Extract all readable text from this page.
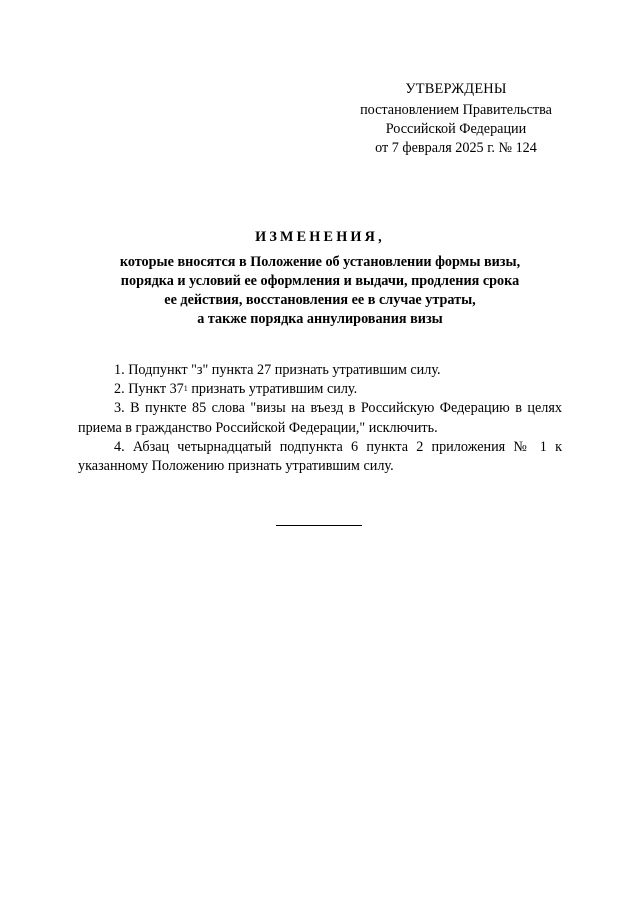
УТВЕРЖДЕНЫ
постановлением Правительства
Российской Федерации
от 7 февраля 2025 г. № 124
ИЗМЕНЕНИЯ,
которые вносятся в Положение об установлении формы визы,
порядка и условий ее оформления и выдачи, продления срока
ее действия, восстановления ее в случае утраты,
а также порядка аннулирования визы

1. Подпункт "з" пункта 27 признать утратившим силу.

2. Пункт $37^1$ признать утратившим силу.

3. В пункте 85 слова "визы на въезд в Российскую Федерацию в целях приема в гражданство Российской Федерации," исключить.

4. Абзац четырнадцатый подпункта 6 пункта 2 приложения № 1 к указанному Положению признать утратившим силу.
